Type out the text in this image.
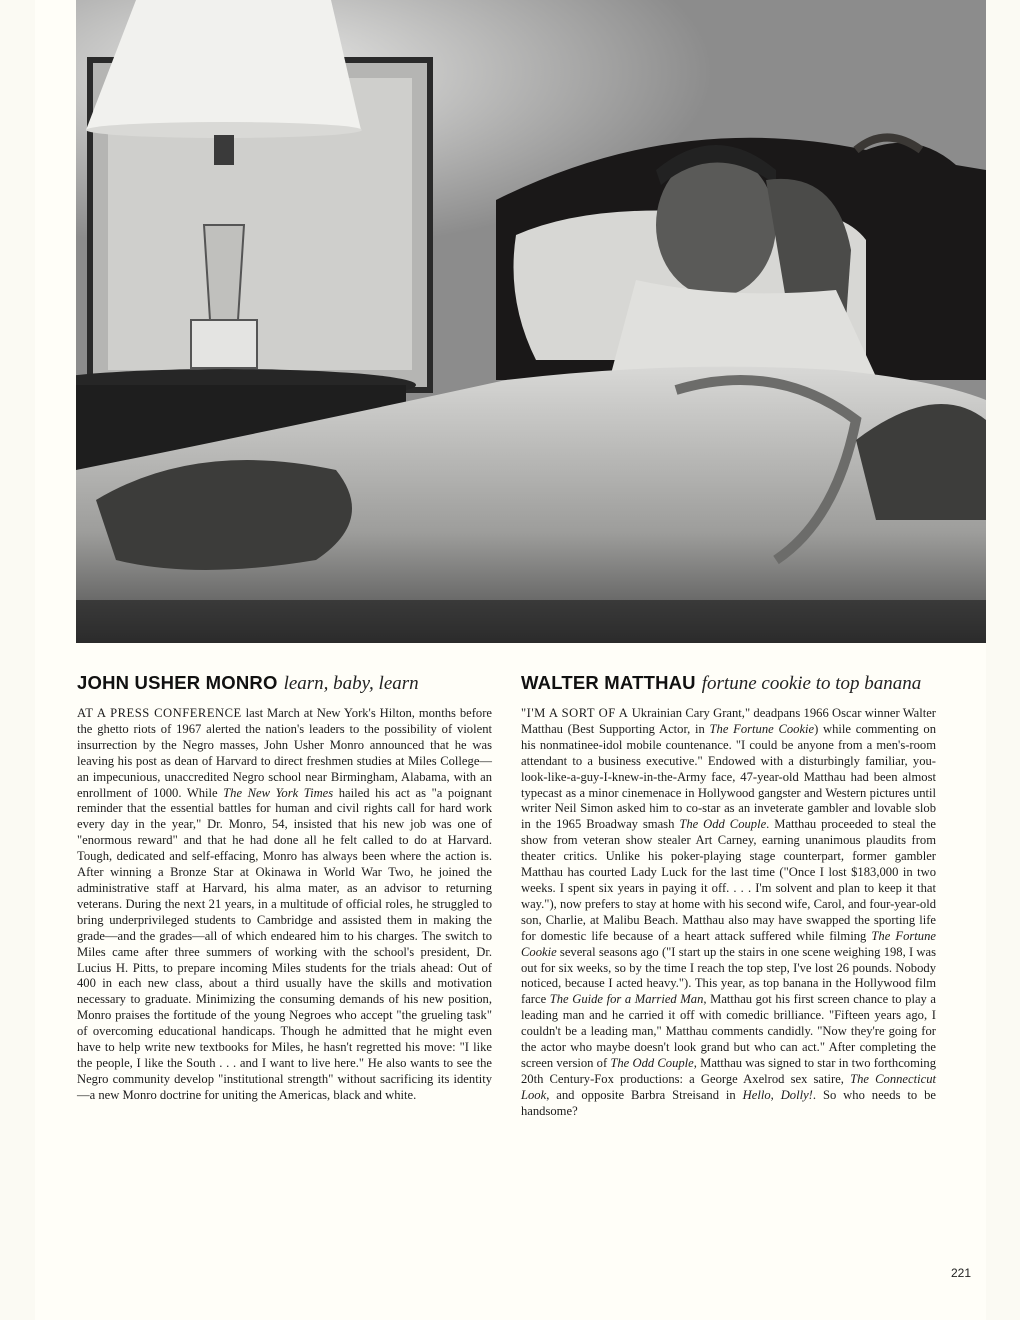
JOHN USHER MONRO learn, baby, learn

AT A PRESS CONFERENCE last March at New York's Hilton, months before the ghetto riots of 1967 alerted the nation's leaders to the possibility of violent insurrection by the Negro masses, John Usher Monro announced that he was leaving his post as dean of Harvard to direct freshmen studies at Miles College—an impecunious, unaccredited Negro school near Birmingham, Alabama, with an enrollment of 1000. While The New York Times hailed his act as "a poignant reminder that the essential battles for human and civil rights call for hard work every day in the year," Dr. Monro, 54, insisted that his new job was one of "enormous reward" and that he had done all he felt called to do at Harvard. Tough, dedicated and self-effacing, Monro has always been where the action is. After winning a Bronze Star at Okinawa in World War Two, he joined the administrative staff at Harvard, his alma mater, as an advisor to returning veterans. During the next 21 years, in a multitude of official roles, he struggled to bring underprivileged students to Cambridge and assisted them in making the grade—and the grades—all of which endeared him to his charges. The switch to Miles came after three summers of working with the school's president, Dr. Lucius H. Pitts, to prepare incoming Miles students for the trials ahead: Out of 400 in each new class, about a third usually have the skills and motivation necessary to graduate. Minimizing the consuming demands of his new position, Monro praises the fortitude of the young Negroes who accept "the grueling task" of overcoming educational handicaps. Though he admitted that he might even have to help write new textbooks for Miles, he hasn't regretted his move: "I like the people, I like the South . . . and I want to live here." He also wants to see the Negro community develop "institutional strength" without sacrificing its identity—a new Monro doctrine for uniting the Americas, black and white.

WALTER MATTHAU fortune cookie to top banana

"I'M A SORT OF A Ukrainian Cary Grant," deadpans 1966 Oscar winner Walter Matthau (Best Supporting Actor, in The Fortune Cookie) while commenting on his nonmatinee-idol mobile countenance. "I could be anyone from a men's-room attendant to a business executive." Endowed with a disturbingly familiar, you-look-like-a-guy-I-knew-in-the-Army face, 47-year-old Matthau had been almost typecast as a minor cinemenace in Hollywood gangster and Western pictures until writer Neil Simon asked him to co-star as an inveterate gambler and lovable slob in the 1965 Broadway smash The Odd Couple. Matthau proceeded to steal the show from veteran show stealer Art Carney, earning unanimous plaudits from theater critics. Unlike his poker-playing stage counterpart, former gambler Matthau has courted Lady Luck for the last time ("Once I lost $183,000 in two weeks. I spent six years in paying it off. . . . I'm solvent and plan to keep it that way."), now prefers to stay at home with his second wife, Carol, and four-year-old son, Charlie, at Malibu Beach. Matthau also may have swapped the sporting life for domestic life because of a heart attack suffered while filming The Fortune Cookie several seasons ago ("I start up the stairs in one scene weighing 198, I was out for six weeks, so by the time I reach the top step, I've lost 26 pounds. Nobody noticed, because I acted heavy."). This year, as top banana in the Hollywood film farce The Guide for a Married Man, Matthau got his first screen chance to play a leading man and he carried it off with comedic brilliance. "Fifteen years ago, I couldn't be a leading man," Matthau comments candidly. "Now they're going for the actor who maybe doesn't look grand but who can act." After completing the screen version of The Odd Couple, Matthau was signed to star in two forthcoming 20th Century-Fox productions: a George Axelrod sex satire, The Connecticut Look, and opposite Barbra Streisand in Hello, Dolly!. So who needs to be handsome?

221
